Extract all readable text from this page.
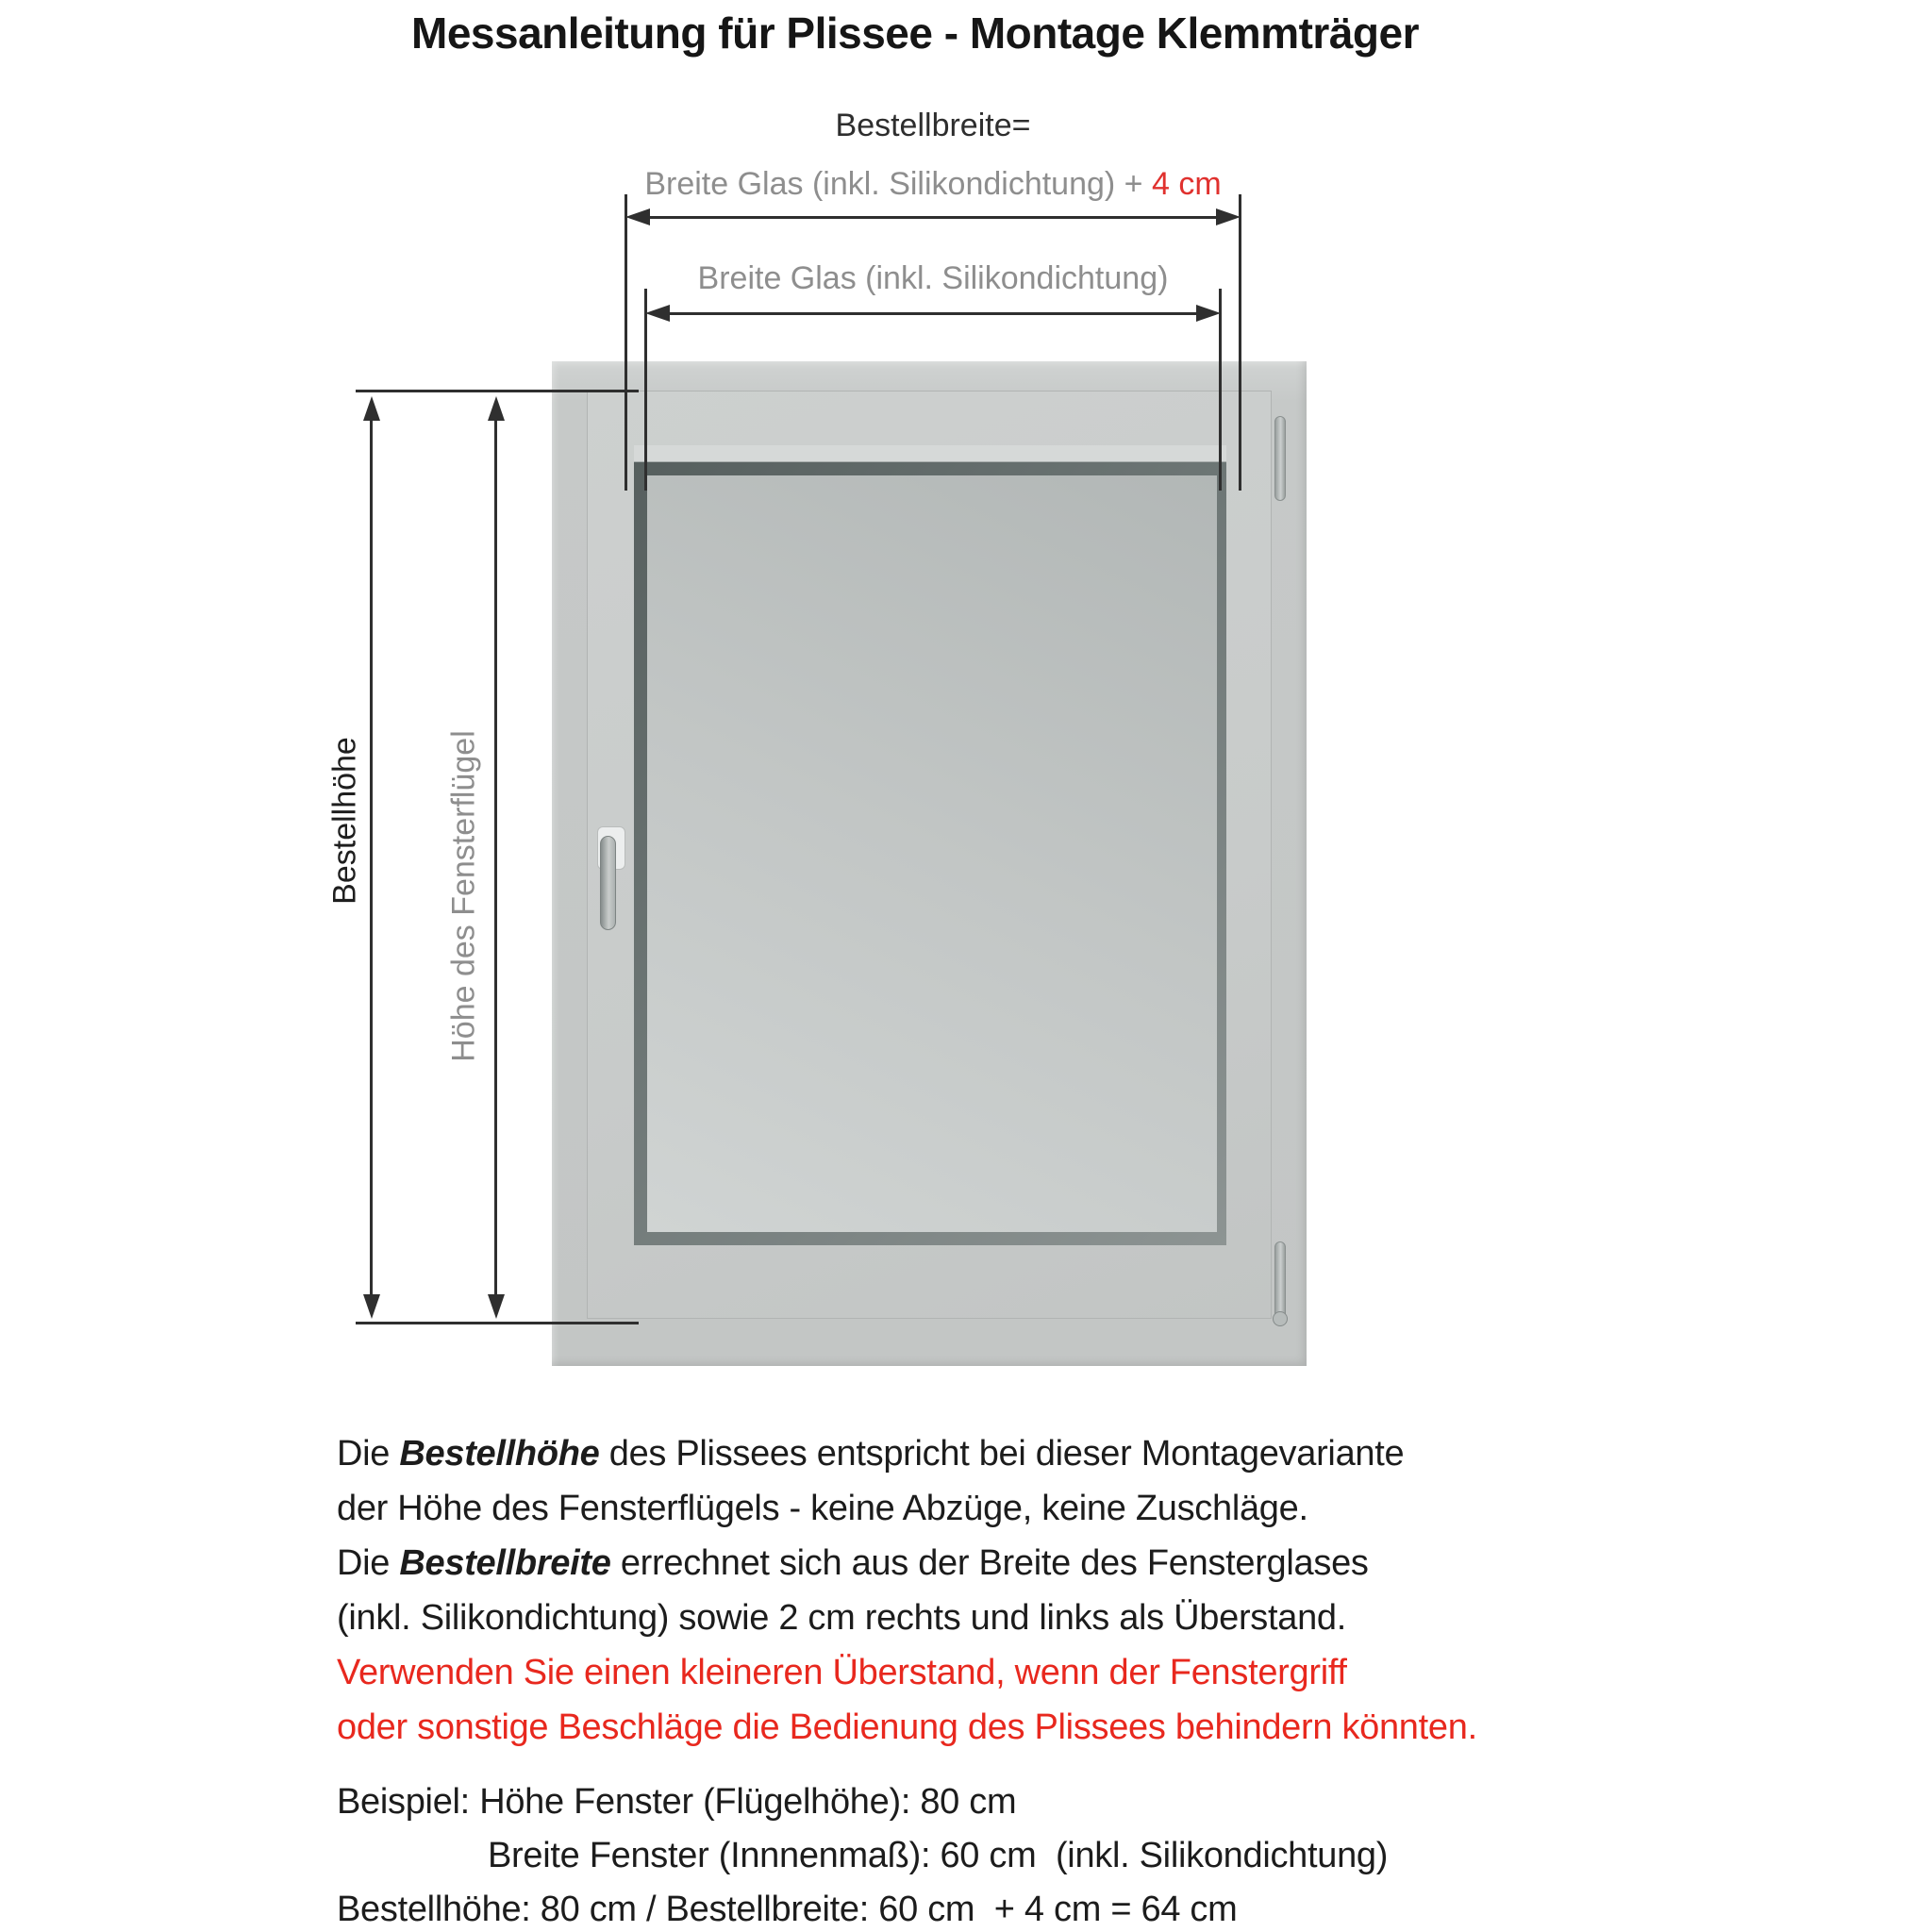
Messanleitung für Plissee - Montage Klemmträger
Bestellbreite=
Breite Glas (inkl. Silikondichtung) + 4 cm
Breite Glas (inkl. Silikondichtung)
Bestellhöhe	Höhe des Fensterflügel

Die Bestellhöhe des Plissees entspricht bei dieser Montagevariante

der Höhe des Fensterflügels - keine Abzüge, keine Zuschläge.

Die Bestellbreite errechnet sich aus der Breite des Fensterglases

(inkl. Silikondichtung) sowie 2 cm rechts und links als Überstand.

Verwenden Sie einen kleineren Überstand, wenn der Fenstergriff

oder sonstige Beschläge die Bedienung des Plissees behindern könnten.

Beispiel: Höhe Fenster (Flügelhöhe): 80 cm

Breite Fenster (Innnenmaß): 60 cm  (inkl. Silikondichtung)

Bestellhöhe: 80 cm / Bestellbreite: 60 cm  + 4 cm = 64 cm
